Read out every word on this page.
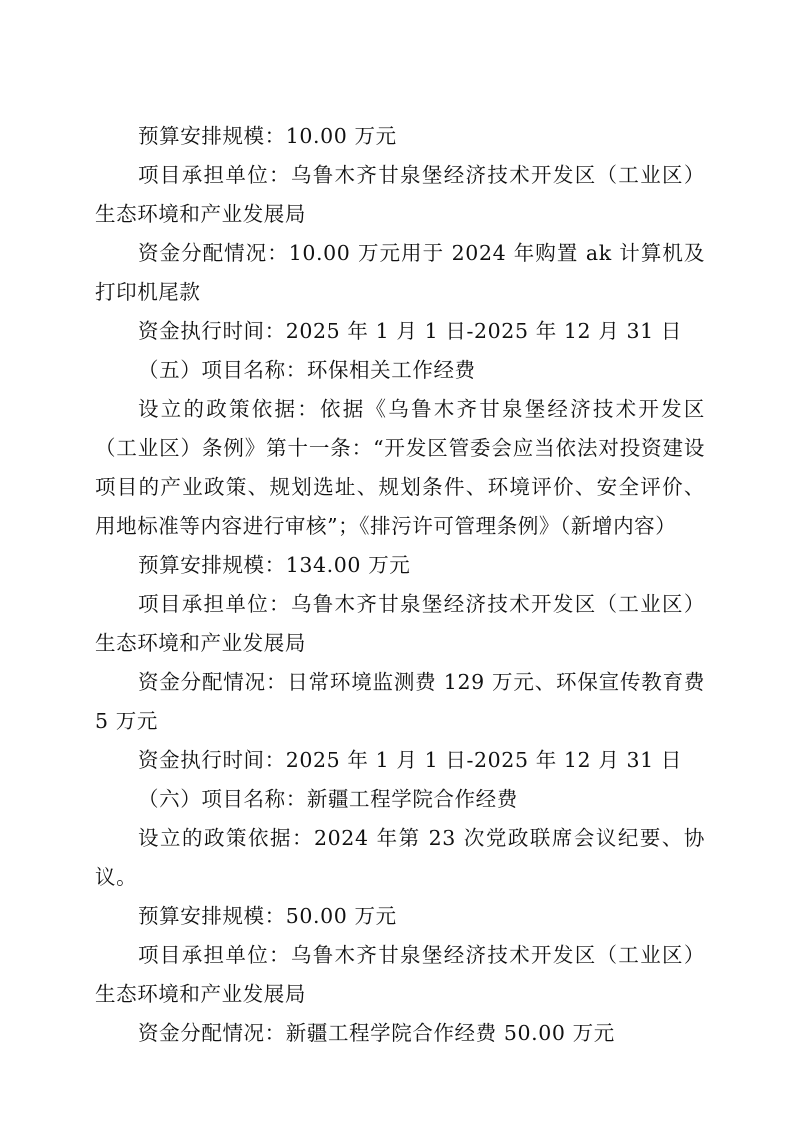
预算安排规模：10.00 万元

项目承担单位：乌鲁木齐甘泉堡经济技术开发区（工业区）生态环境和产业发展局

资金分配情况：10.00 万元用于 2024 年购置 ak 计算机及打印机尾款

资金执行时间：2025 年 1 月 1 日-2025 年 12 月 31 日

（五）项目名称：环保相关工作经费

设立的政策依据：依据《乌鲁木齐甘泉堡经济技术开发区（工业区）条例》第十一条：“开发区管委会应当依法对投资建设项目的产业政策、规划选址、规划条件、环境评价、安全评价、用地标准等内容进行审核”；《排污许可管理条例》（新增内容）

预算安排规模：134.00 万元

项目承担单位：乌鲁木齐甘泉堡经济技术开发区（工业区）生态环境和产业发展局

资金分配情况：日常环境监测费 129 万元、环保宣传教育费 5 万元

资金执行时间：2025 年 1 月 1 日-2025 年 12 月 31 日

（六）项目名称：新疆工程学院合作经费

设立的政策依据：2024 年第 23 次党政联席会议纪要、协议。

预算安排规模：50.00 万元

项目承担单位：乌鲁木齐甘泉堡经济技术开发区（工业区）生态环境和产业发展局

资金分配情况：新疆工程学院合作经费 50.00 万元
